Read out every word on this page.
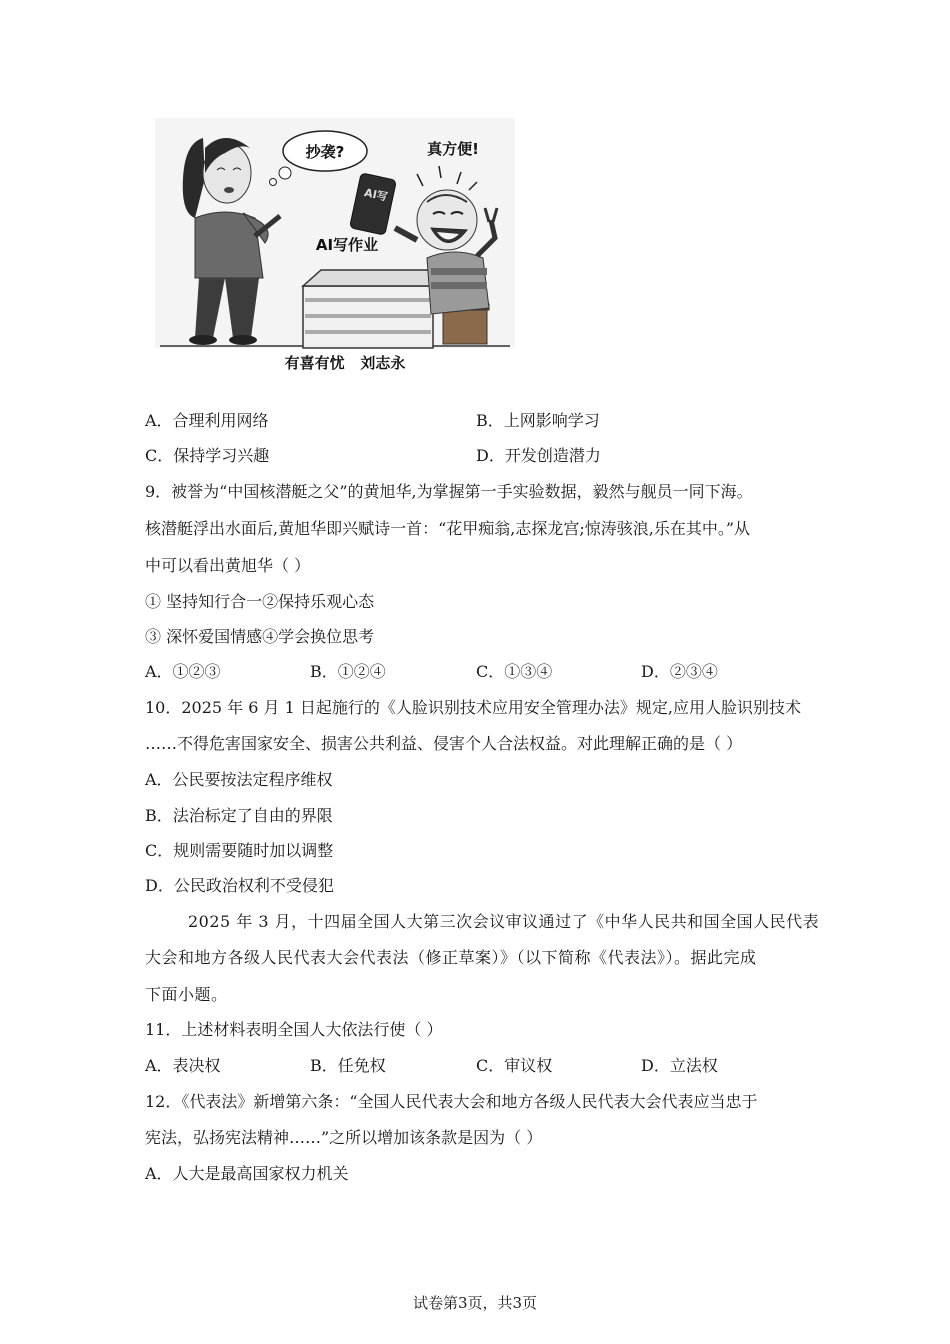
抄袭?	真方便!
AI写作业
AI写
有喜有忧   刘志永
A．合理利用网络	B．上网影响学习
C．保持学习兴趣	D．开发创造潜力
9．被誉为“中国核潜艇之父”的黄旭华,为掌握第一手实验数据，毅然与舰员一同下海。
核潜艇浮出水面后,黄旭华即兴赋诗一首：“花甲痴翁,志探龙宫;惊涛骇浪,乐在其中。”从
中可以看出黄旭华（ ）
① 坚持知行合一②保持乐观心态
③ 深怀爱国情感④学会换位思考
A．①②③	B．①②④	C．①③④	D．②③④
10．2025 年 6 月 1 日起施行的《人脸识别技术应用安全管理办法》规定,应用人脸识别技术
……不得危害国家安全、损害公共利益、侵害个人合法权益。对此理解正确的是（ ）
A．公民要按法定程序维权
B．法治标定了自由的界限
C．规则需要随时加以调整
D．公民政治权利不受侵犯
2025 年 3 月，十四届全国人大第三次会议审议通过了《中华人民共和国全国人民代表
大会和地方各级人民代表大会代表法（修正草案）》（以下简称《代表法》）。据此完成
下面小题。
11．上述材料表明全国人大依法行使（ ）
A．表决权	B．任免权	C．审议权	D．立法权
12．《代表法》新增第六条：“全国人民代表大会和地方各级人民代表大会代表应当忠于
宪法，弘扬宪法精神……”之所以增加该条款是因为（ ）
A．人大是最高国家权力机关
试卷第3页，共3页
